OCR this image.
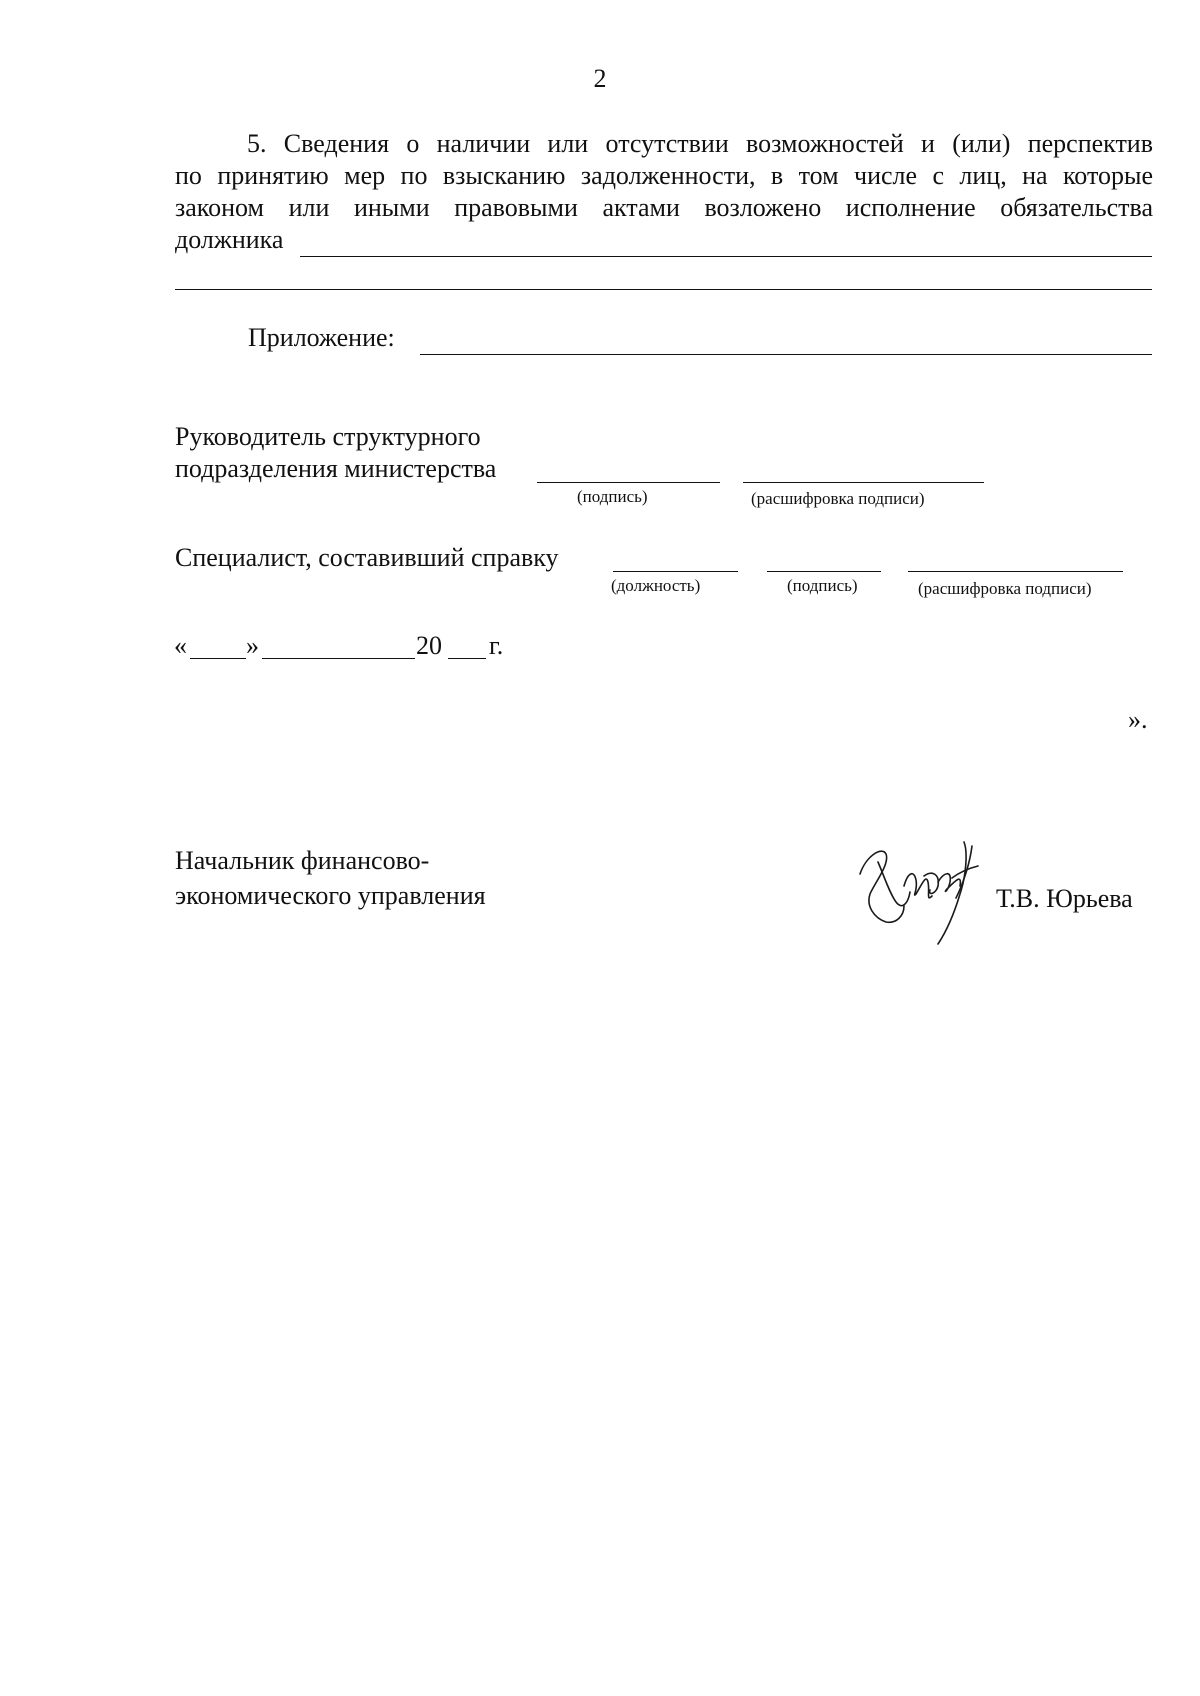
2
5. Сведения о наличии или отсутствии возможностей и (или) перспектив
по принятию мер по взысканию задолженности, в том числе с лиц, на которые
законом или иными правовыми актами возложено исполнение обязательства
должника
Приложение:
Руководитель структурного
подразделения министерства
(подпись)	(расшифровка подписи)
Специалист, составивший справку
(должность)	(подпись)	(расшифровка подписи)
« »	20 г.
».
Начальник финансово-
экономического управления	Т.В. Юрьева
